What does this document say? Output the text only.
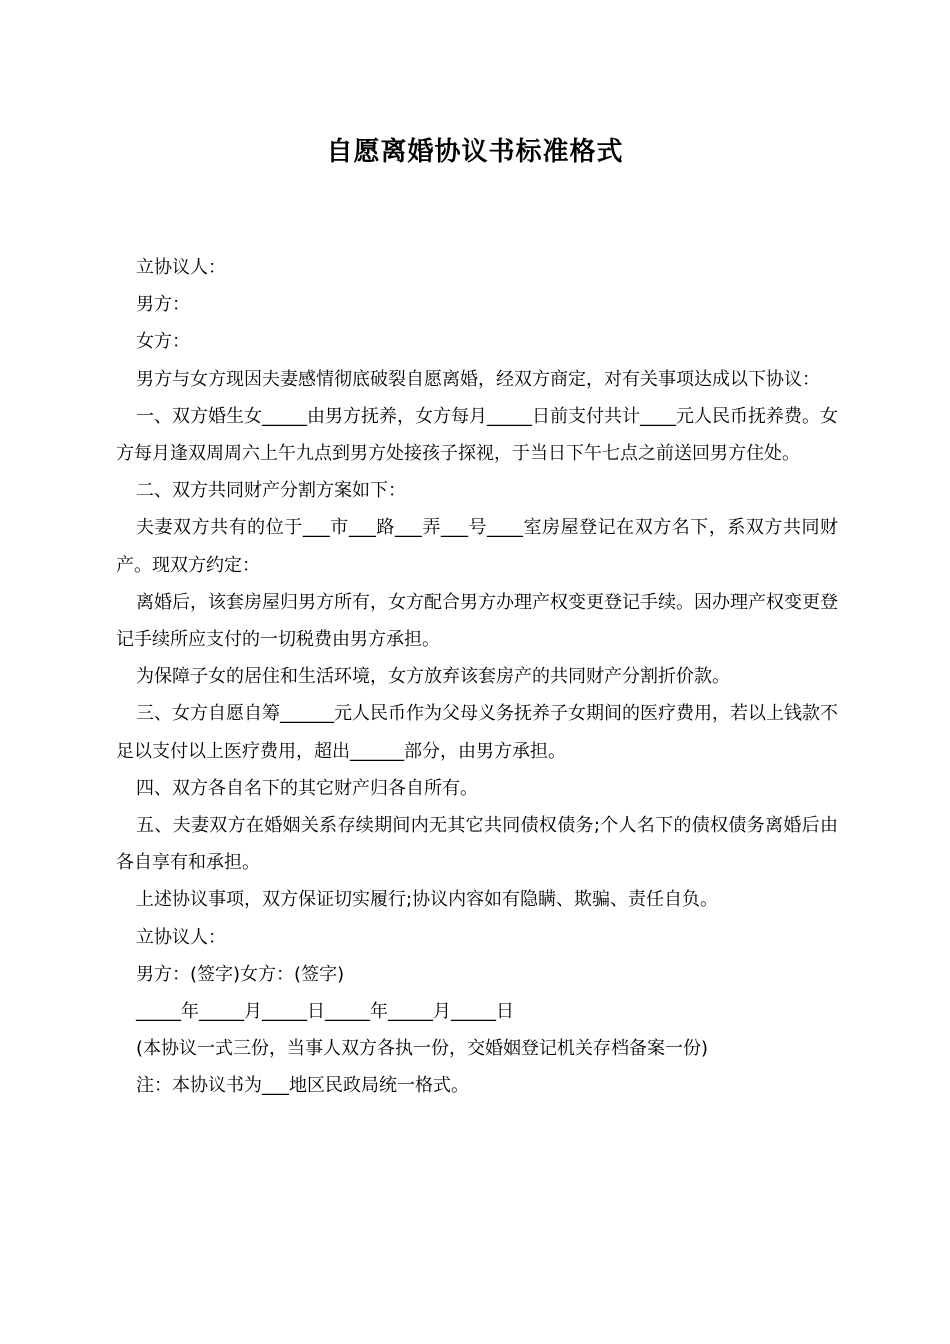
自愿离婚协议书标准格式

立协议人：

男方：

女方：

男方与女方现因夫妻感情彻底破裂自愿离婚，经双方商定，对有关事项达成以下协议：

一、双方婚生女_____由男方抚养，女方每月_____日前支付共计____元人民币抚养费。女方每月逢双周周六上午九点到男方处接孩子探视，于当日下午七点之前送回男方住处。

二、双方共同财产分割方案如下：

夫妻双方共有的位于___市___路___弄___号____室房屋登记在双方名下，系双方共同财产。现双方约定：

离婚后，该套房屋归男方所有，女方配合男方办理产权变更登记手续。因办理产权变更登记手续所应支付的一切税费由男方承担。

为保障子女的居住和生活环境，女方放弃该套房产的共同财产分割折价款。

三、女方自愿自筹______元人民币作为父母义务抚养子女期间的医疗费用，若以上钱款不足以支付以上医疗费用，超出______部分，由男方承担。

四、双方各自名下的其它财产归各自所有。

五、夫妻双方在婚姻关系存续期间内无其它共同债权债务;个人名下的债权债务离婚后由各自享有和承担。

上述协议事项，双方保证切实履行;协议内容如有隐瞒、欺骗、责任自负。

立协议人：

男方：(签字)女方：(签字)

_____年_____月_____日_____年_____月_____日

(本协议一式三份，当事人双方各执一份，交婚姻登记机关存档备案一份)

注：本协议书为___地区民政局统一格式。
